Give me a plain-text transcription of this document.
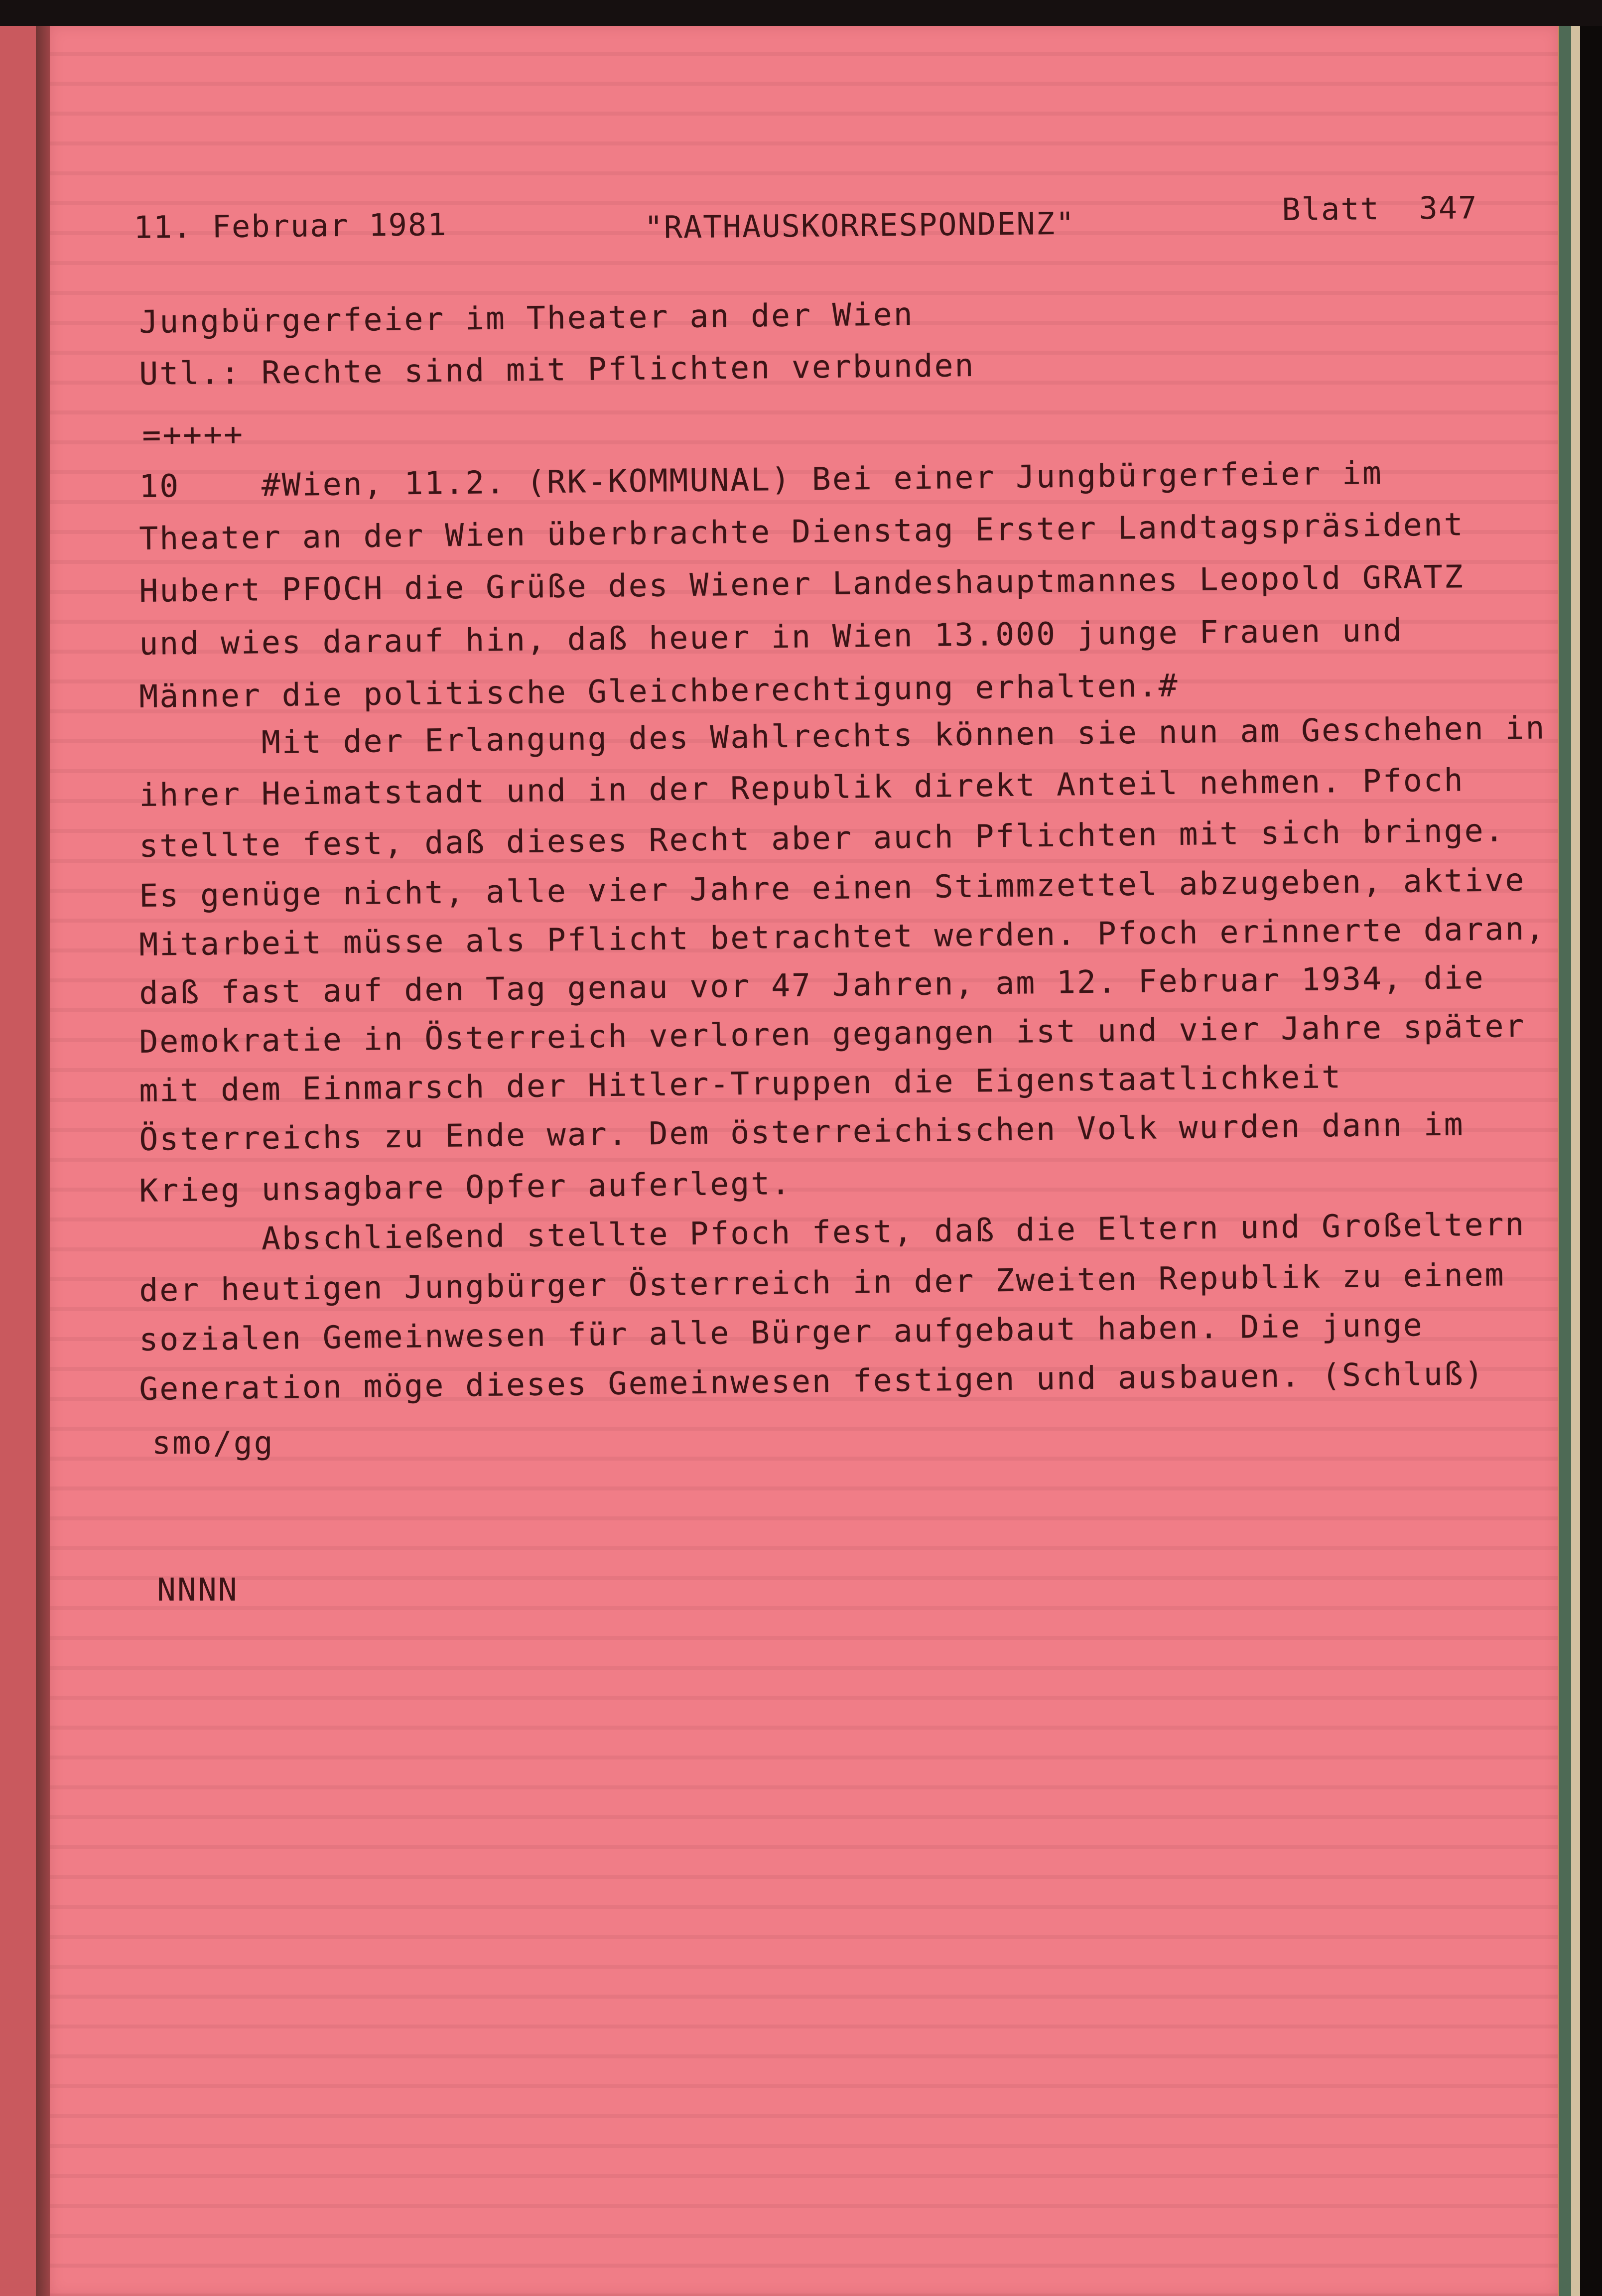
11. Februar 1981	"RATHAUSKORRESPONDENZ"	Blatt  347
Jungbürgerfeier im Theater an der Wien
Utl.: Rechte sind mit Pflichten verbunden
=++++
10    #Wien, 11.2. (RK-KOMMUNAL) Bei einer Jungbürgerfeier im
Theater an der Wien überbrachte Dienstag Erster Landtagspräsident
Hubert PFOCH die Grüße des Wiener Landeshauptmannes Leopold GRATZ
und wies darauf hin, daß heuer in Wien 13.000 junge Frauen und
Männer die politische Gleichberechtigung erhalten.#
Mit der Erlangung des Wahlrechts können sie nun am Geschehen in
ihrer Heimatstadt und in der Republik direkt Anteil nehmen. Pfoch
stellte fest, daß dieses Recht aber auch Pflichten mit sich bringe.
Es genüge nicht, alle vier Jahre einen Stimmzettel abzugeben, aktive
Mitarbeit müsse als Pflicht betrachtet werden. Pfoch erinnerte daran,
daß fast auf den Tag genau vor 47 Jahren, am 12. Februar 1934, die
Demokratie in Österreich verloren gegangen ist und vier Jahre später
mit dem Einmarsch der Hitler-Truppen die Eigenstaatlichkeit
Österreichs zu Ende war. Dem österreichischen Volk wurden dann im
Krieg unsagbare Opfer auferlegt.
Abschließend stellte Pfoch fest, daß die Eltern und Großeltern
der heutigen Jungbürger Österreich in der Zweiten Republik zu einem
sozialen Gemeinwesen für alle Bürger aufgebaut haben. Die junge
Generation möge dieses Gemeinwesen festigen und ausbauen. (Schluß)
smo/gg
NNNN
